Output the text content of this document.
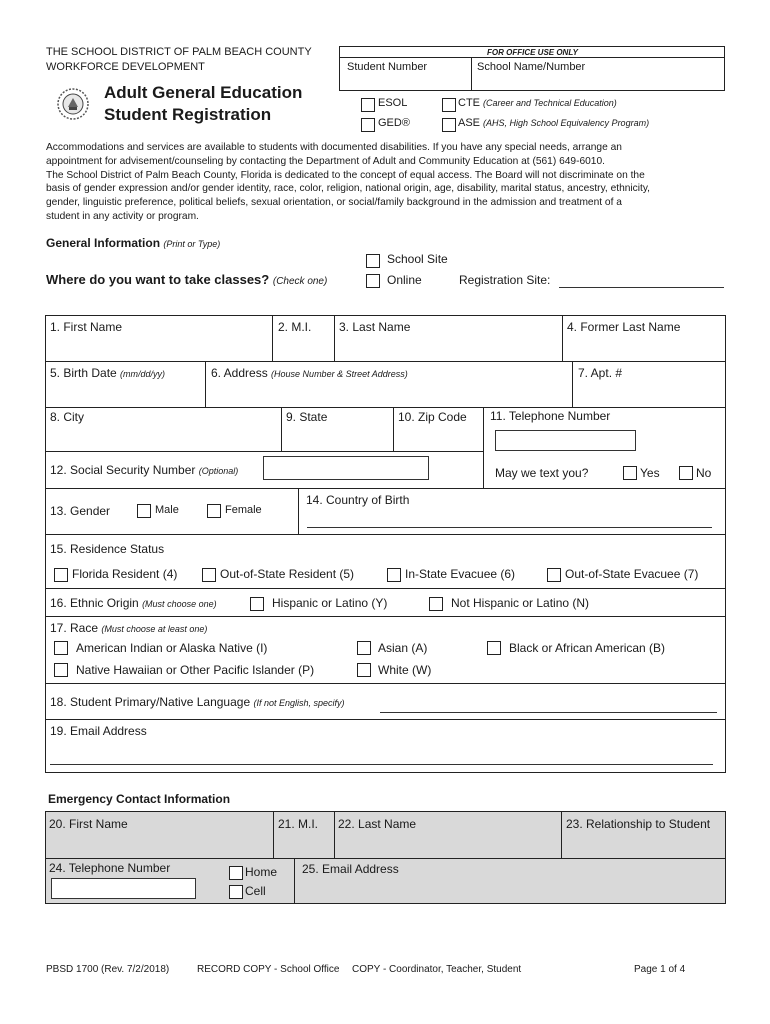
THE SCHOOL DISTRICT OF PALM BEACH COUNTY
WORKFORCE DEVELOPMENT
Adult General Education
Student Registration
FOR OFFICE USE ONLY
Student Number	School Name/Number
ESOL
GED®
CTE (Career and Technical Education)
ASE (AHS, High School Equivalency Program)
Accommodations and services are available to students with documented disabilities. If you have any special needs, arrange an
appointment for advisement/counseling by contacting the Department of Adult and Community Education at (561) 649-6010.
The School District of Palm Beach County, Florida is dedicated to the concept of equal access. The Board will not discriminate on the
basis of gender expression and/or gender identity, race, color, religion, national origin, age, disability, marital status, ancestry, ethnicity,
gender, linguistic preference, political beliefs, sexual orientation, or social/family background in the admission and treatment of a
student in any activity or program.
General Information (Print or Type)
School Site
Where do you want to take classes? (Check one)	Online	Registration Site:
1. First Name	2. M.I. 3. Last Name	4. Former Last Name
5. Birth Date (mm/dd/yy)	6. Address (House Number & Street Address)	7. Apt. #
8. City	9. State	10. Zip Code 11. Telephone Number
12. Social Security Number (Optional)	May we text you?	Yes	No
13. Gender	Male	Female
14. Country of Birth
15. Residence Status
Florida Resident (4)	Out-of-State Resident (5)	In-State Evacuee (6)	Out-of-State Evacuee (7)
16. Ethnic Origin (Must choose one)	Hispanic or Latino (Y)	Not Hispanic or Latino (N)
17. Race (Must choose at least one)
American Indian or Alaska Native (I)	Asian (A)	Black or African American (B)
Native Hawaiian or Other Pacific Islander (P)	White (W)
18. Student Primary/Native Language (If not English, specify)
19. Email Address
Emergency Contact Information
20. First Name	21. M.I. 22. Last Name	23. Relationship to Student
24. Telephone Number	Home
Cell
25. Email Address
PBSD 1700 (Rev. 7/2/2018)	RECORD COPY - School Office COPY - Coordinator, Teacher, Student	Page 1 of 4
